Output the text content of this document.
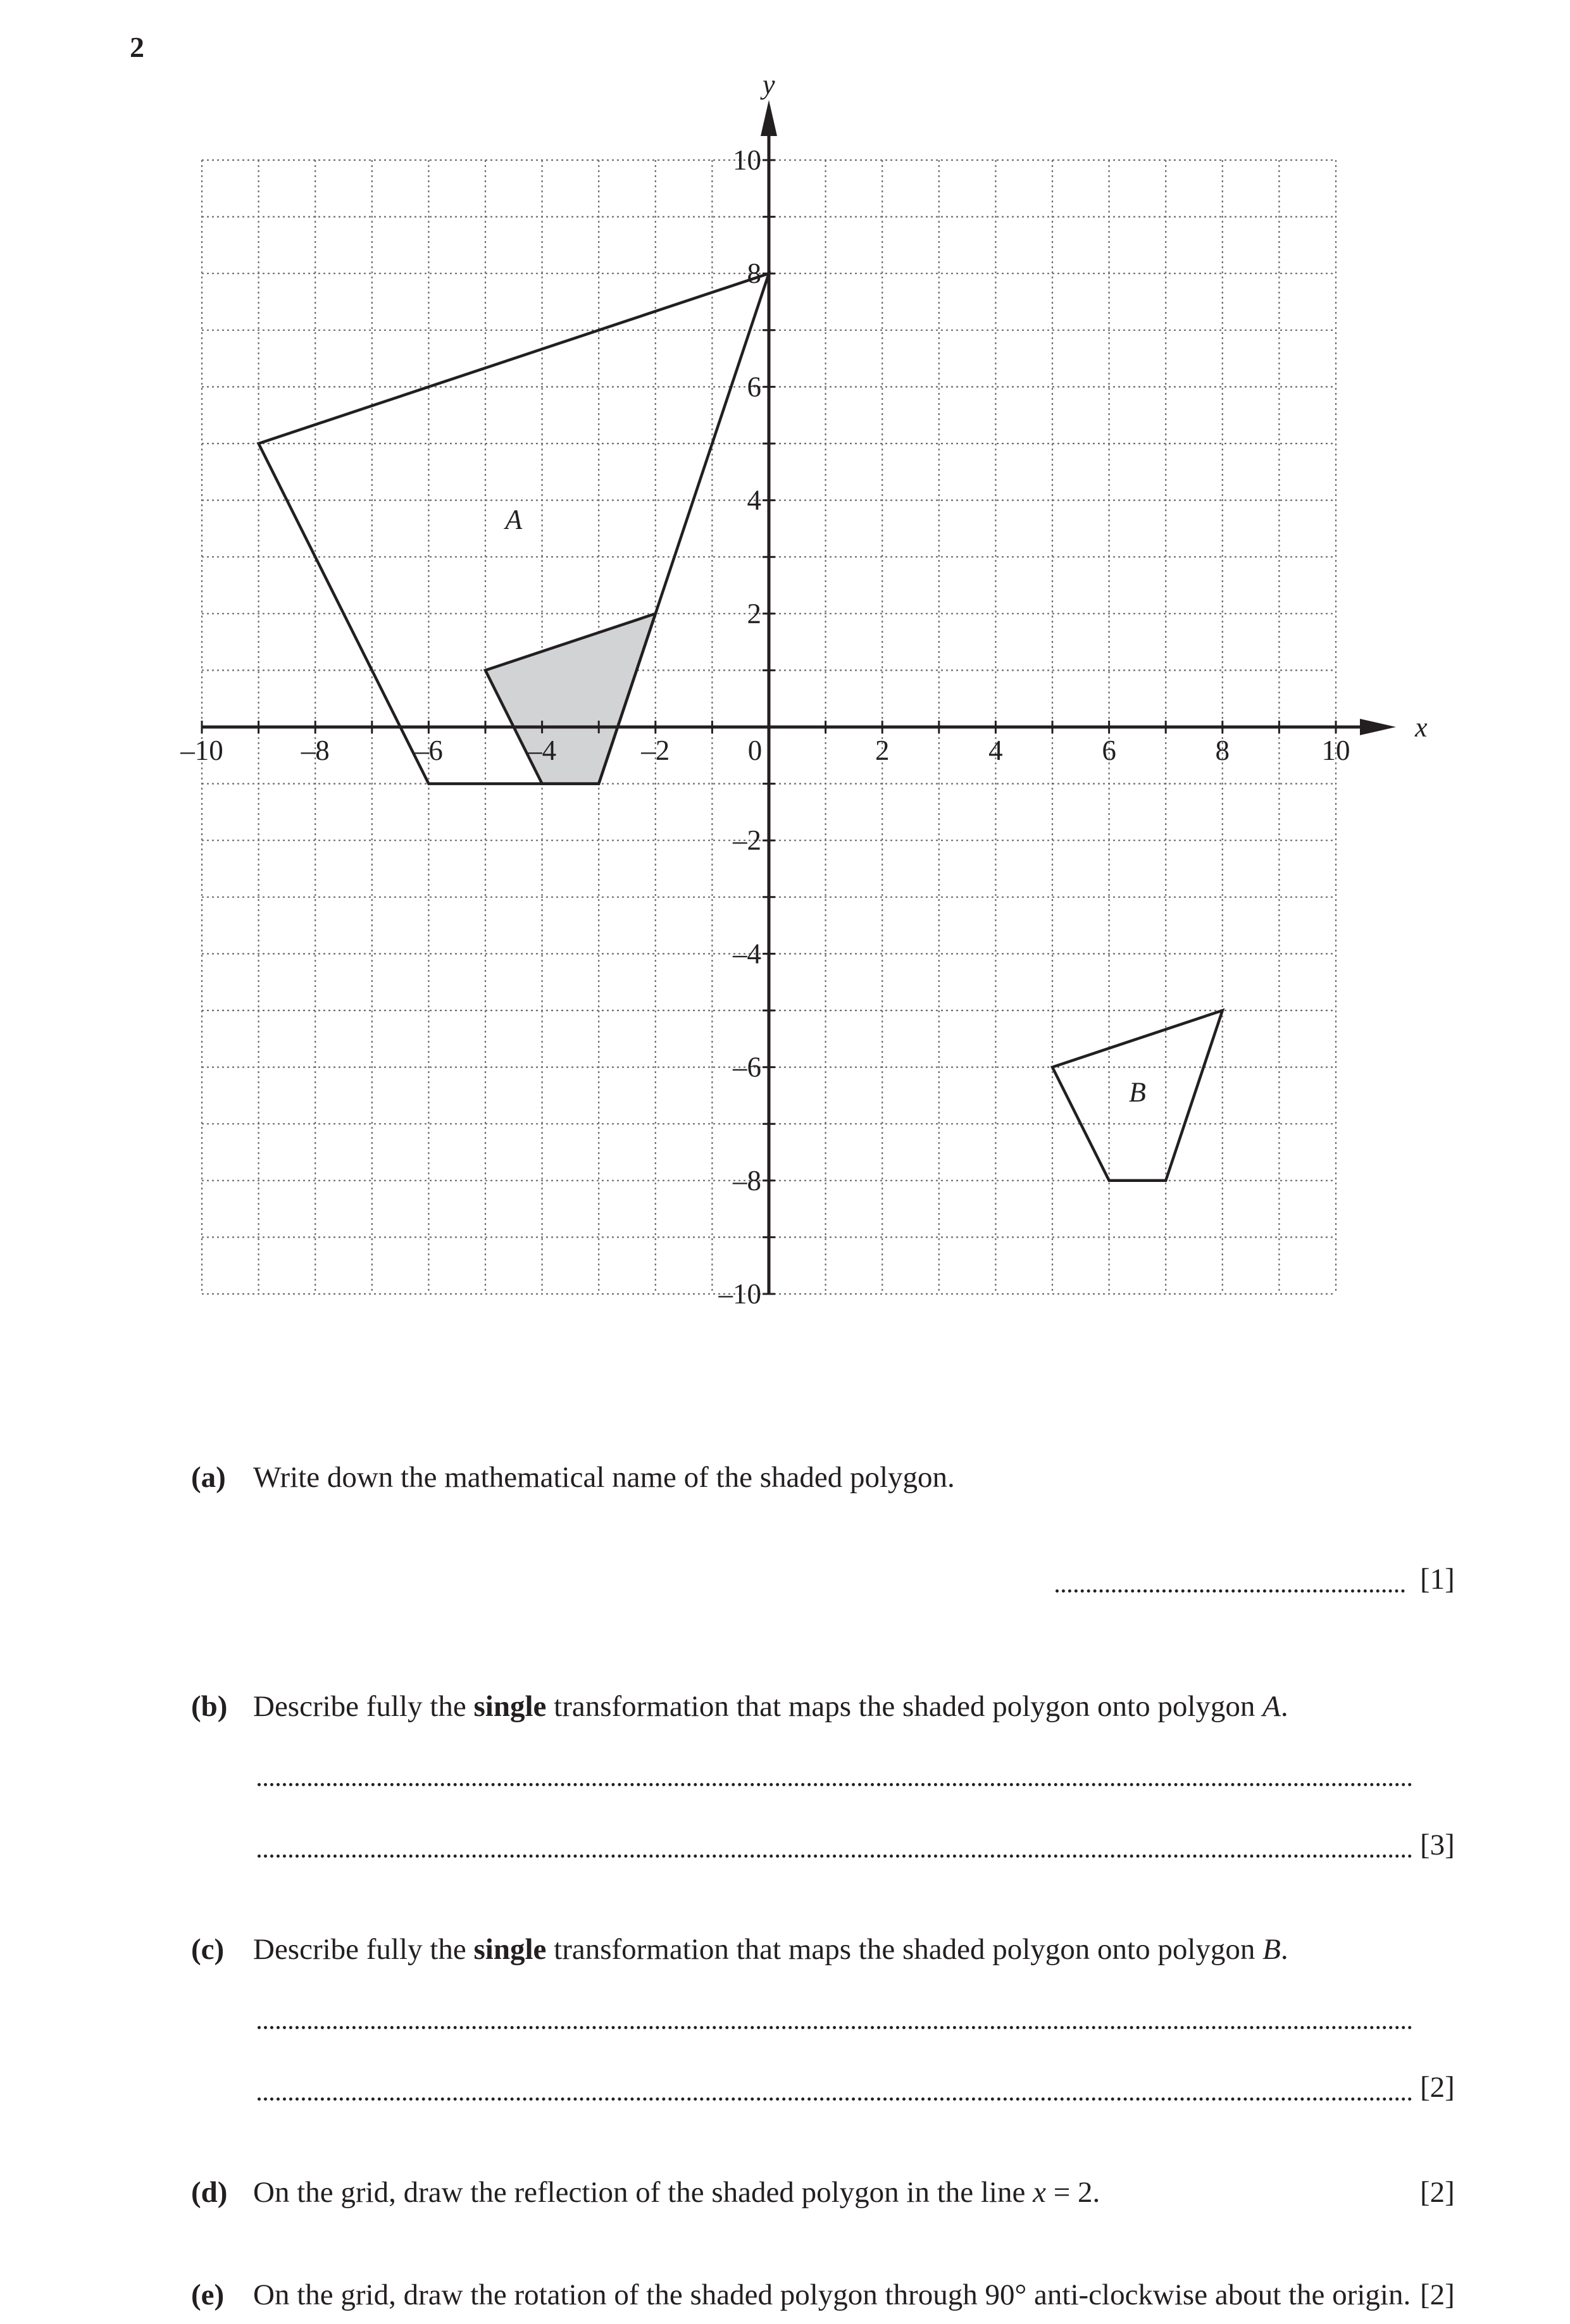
2
x
y
–10	–8	–6	–4	–2	0	2	4	6	8	10
10
8
6
4
2
–2
–4
–6
–8
–10
A
B
(a) Write down the mathematical name of the shaded polygon.
[1]
(b) Describe fully the single transformation that maps the shaded polygon onto polygon A.
[3]
(c) Describe fully the single transformation that maps the shaded polygon onto polygon B.
[2]
(d) On the grid, draw the reflection of the shaded polygon in the line x = 2.	[2]
(e) On the grid, draw the rotation of the shaded polygon through 90° anti-clockwise about the origin. [2]
